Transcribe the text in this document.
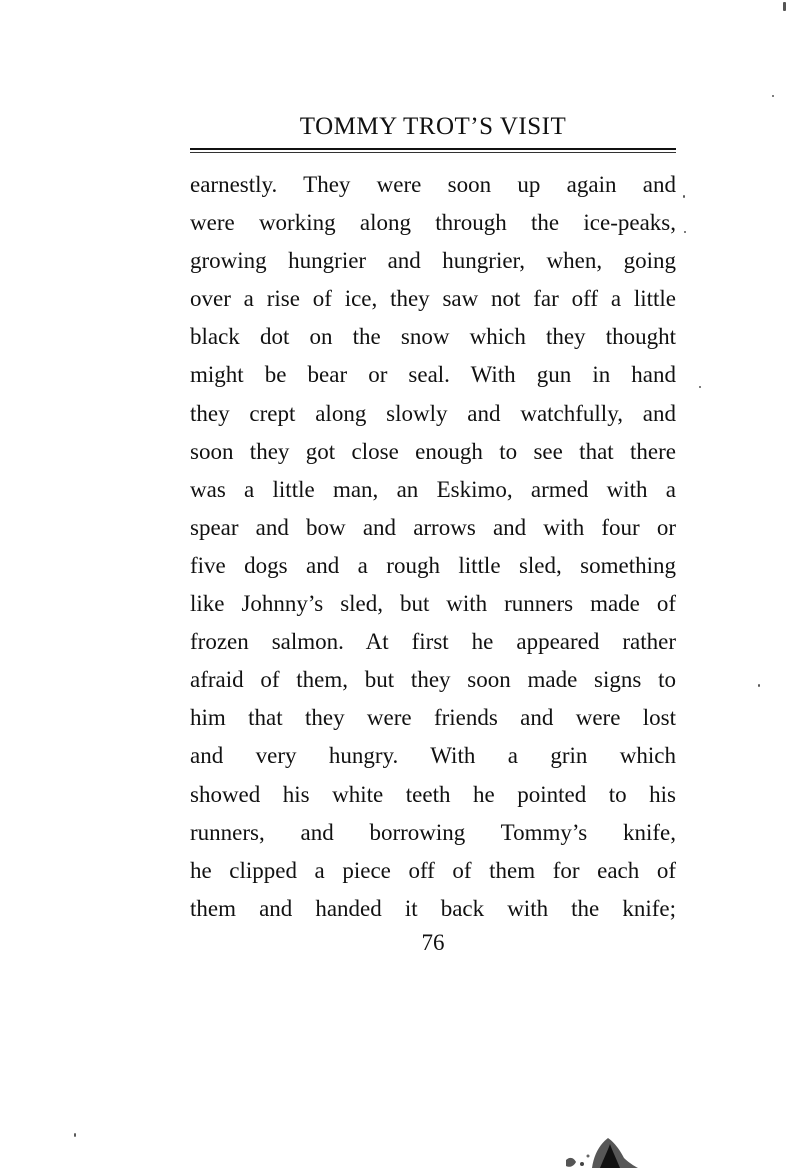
TOMMY TROT’S VISIT
earnestly. They were soon up again and
were working along through the ice-peaks,
growing hungrier and hungrier, when, going
over a rise of ice, they saw not far off a little
black dot on the snow which they thought
might be bear or seal. With gun in hand
they crept along slowly and watchfully, and
soon they got close enough to see that there
was a little man, an Eskimo, armed with a
spear and bow and arrows and with four or
five dogs and a rough little sled, something
like Johnny’s sled, but with runners made of
frozen salmon. At first he appeared rather
afraid of them, but they soon made signs to
him that they were friends and were lost
and very hungry. With a grin which
showed his white teeth he pointed to his
runners, and borrowing Tommy’s knife,
he clipped a piece off of them for each of
them and handed it back with the knife;
76
